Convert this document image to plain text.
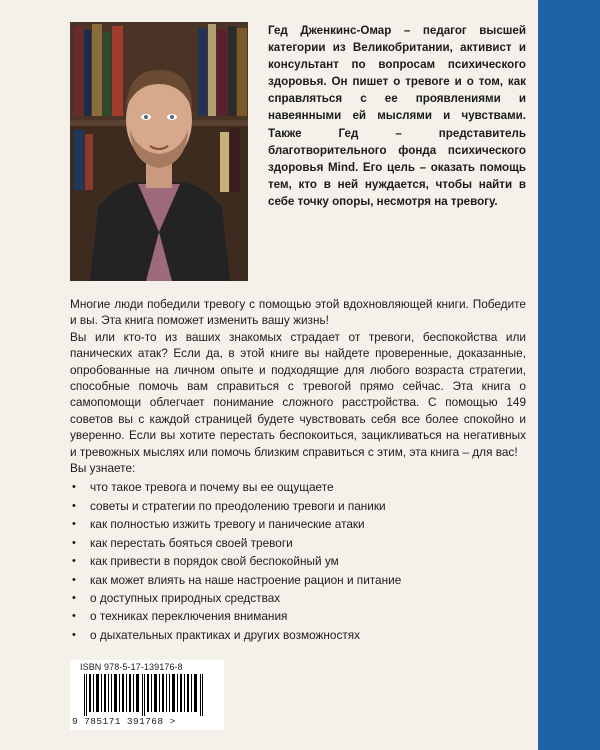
Гед Дженкинс-Омар – педагог высшей категории из Великобритании, активист и консультант по вопросам психического здоровья. Он пишет о тревоге и о том, как справляться с ее проявлениями и навеянными ей мыслями и чувствами. Также Гед – представитель благотворительного фонда психического здоровья Mind. Его цель – оказать помощь тем, кто в ней нуждается, чтобы найти в себе точку опоры, несмотря на тревогу.

Многие люди победили тревогу с помощью этой вдохновляющей книги. Победите и вы. Эта книга поможет изменить вашу жизнь!

Вы или кто-то из ваших знакомых страдает от тревоги, беспокойства или панических атак? Если да, в этой книге вы найдете проверенные, доказанные, опробованные на личном опыте и подходящие для любого возраста стратегии, способные помочь вам справиться с тревогой прямо сейчас. Эта книга о самопомощи облегчает понимание сложного расстройства. С помощью 149 советов вы с каждой страницей будете чувствовать себя все более спокойно и уверенно. Если вы хотите перестать беспокоиться, зацикливаться на негативных и тревожных мыслях или помочь близким справиться с этим, эта книга – для вас!

Вы узнаете:

• что такое тревога и почему вы ее ощущаете
• советы и стратегии по преодолению тревоги и паники
• как полностью изжить тревогу и панические атаки
• как перестать бояться своей тревоги
• как привести в порядок свой беспокойный ум
• как может влиять на наше настроение рацион и питание
• о доступных природных средствах
• о техниках переключения внимания
• о дыхательных практиках и других возможностях
ISBN 978-5-17-139176-8
9 785171 391768 >
